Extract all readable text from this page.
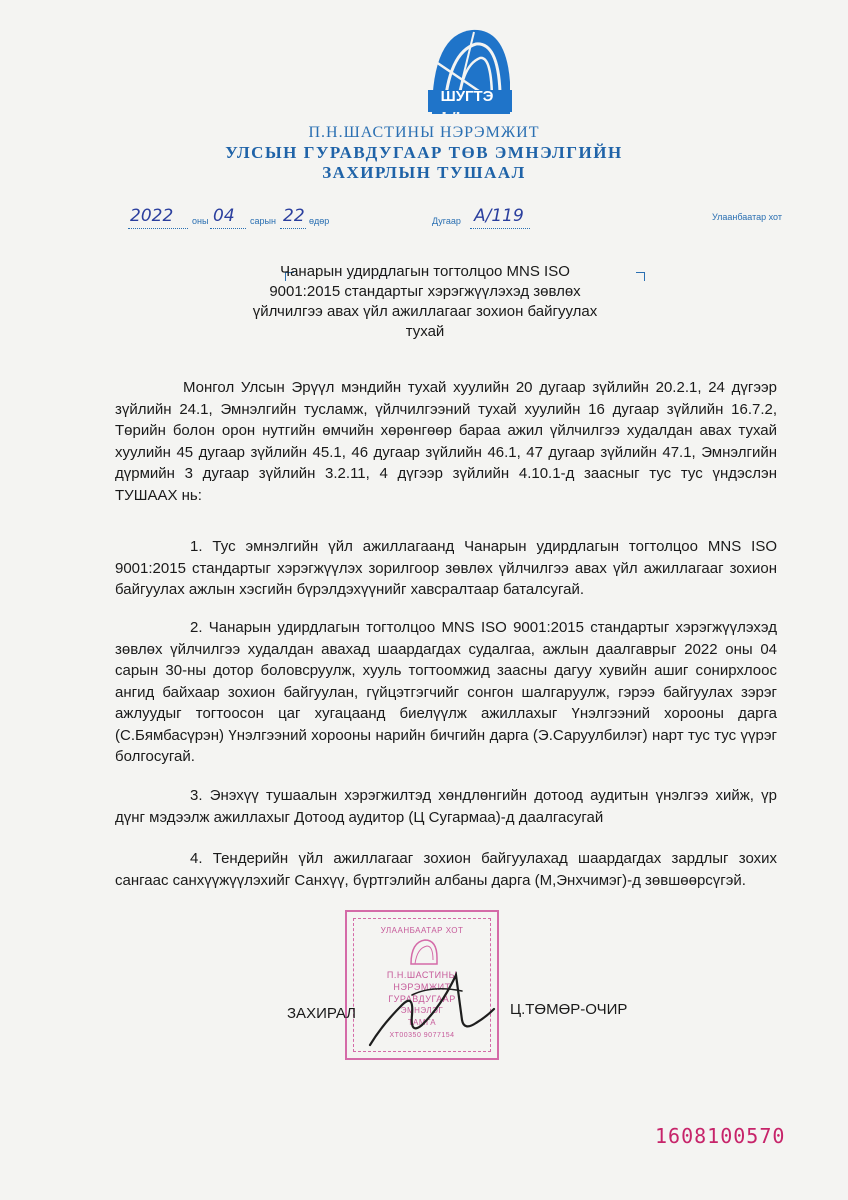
ШУГТЭ
П.Н.ШАСТИНЫ НЭРЭМЖИТ
УЛСЫН ГУРАВДУГААР ТӨВ ЭМНЭЛГИЙН
ЗАХИРЛЫН ТУШААЛ
2022 оны 04 сарын 22 өдөр	Дугаар А/119	Улаанбаатар хот
Чанарын удирдлагын тогтолцоо MNS ISO 9001:2015 стандартыг хэрэгжүүлэхэд зөвлөх үйлчилгээ авах үйл ажиллагааг зохион байгуулах тухай
Монгол Улсын Эрүүл мэндийн тухай хуулийн 20 дугаар зүйлийн 20.2.1, 24 дүгээр зүйлийн 24.1, Эмнэлгийн тусламж, үйлчилгээний тухай хуулийн 16 дугаар зүйлийн 16.7.2, Төрийн болон орон нутгийн өмчийн хөрөнгөөр бараа ажил үйлчилгээ худалдан авах тухай хуулийн 45 дугаар зүйлийн 45.1, 46 дугаар зүйлийн 46.1, 47 дугаар зүйлийн 47.1, Эмнэлгийн дүрмийн 3 дугаар зүйлийн 3.2.11, 4 дүгээр зүйлийн 4.10.1-д заасныг тус тус үндэслэн ТУШААХ нь:
1. Тус эмнэлгийн үйл ажиллагаанд Чанарын удирдлагын тогтолцоо MNS ISO 9001:2015 стандартыг хэрэгжүүлэх зорилгоор зөвлөх үйлчилгээ авах үйл ажиллагааг зохион байгуулах ажлын хэсгийн бүрэлдэхүүнийг хавсралтаар баталсугай.
2. Чанарын удирдлагын тогтолцоо MNS ISO 9001:2015 стандартыг хэрэгжүүлэхэд зөвлөх үйлчилгээ худалдан авахад шаардагдах судалгаа, ажлын даалгаврыг 2022 оны 04 сарын 30-ны дотор боловсруулж, хууль тогтоомжид заасны дагуу хувийн ашиг сонирхлоос ангид байхаар зохион байгуулан, гүйцэтгэгчийг сонгон шалгаруулж, гэрээ байгуулах зэрэг ажлуудыг тогтоосон цаг хугацаанд биелүүлж ажиллахыг Үнэлгээний хорооны дарга (С.Бямбасүрэн) Үнэлгээний хорооны нарийн бичгийн дарга (Э.Саруулбилэг) нарт тус тус үүрэг болгосугай.
3. Энэхүү тушаалын хэрэгжилтэд хөндлөнгийн дотоод аудитын үнэлгээ хийж, үр дүнг мэдээлж ажиллахыг Дотоод аудитор (Ц Сугармаа)-д даалгасугай
4. Тендерийн үйл ажиллагааг зохион байгуулахад шаардагдах зардлыг зохих сангаас санхүүжүүлэхийг Санхүү, бүртгэлийн албаны дарга (М,Энхчимэг)-д зөвшөөрсүгэй.
УЛААНБААТАР ХОТ
П.Н.ШАСТИНЫ
НЭРЭМЖИТ
ГУРАВДУГААР
ЭМНЭЛЭГ
ТАМГА
ХТ00350 9077154
ЗАХИРАЛ	Ц.ТӨМӨР-ОЧИР
1608100570
